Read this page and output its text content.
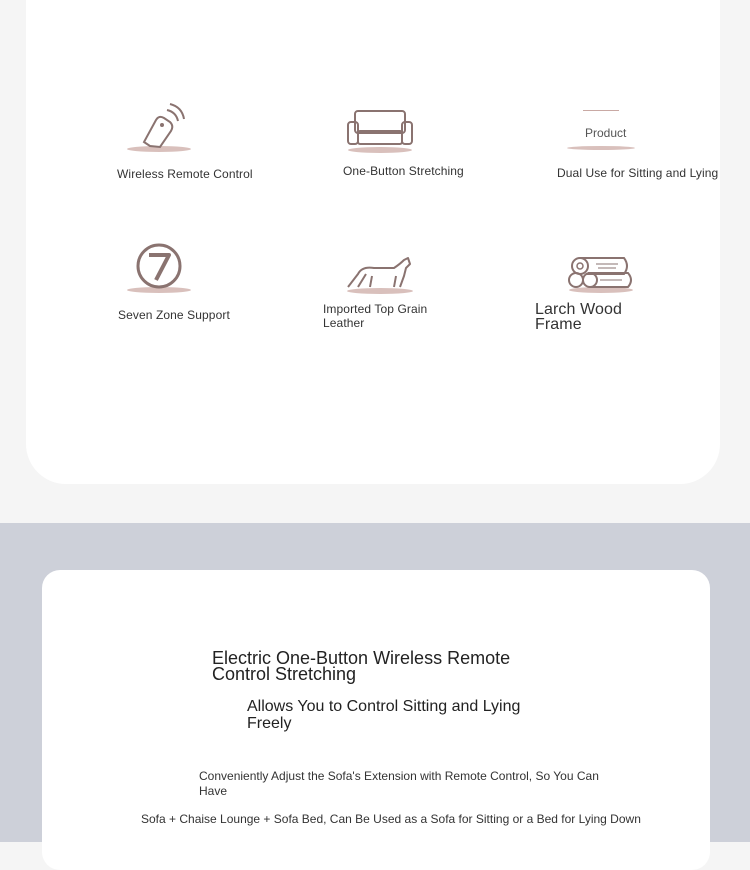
Wireless Remote Control	One-Button Stretching
Product
Dual Use for Sitting and Lying
Seven Zone Support	Imported Top Grain Leather
Larch Wood Frame
Electric One-Button Wireless Remote Control Stretching
Allows You to Control Sitting and Lying Freely
Conveniently Adjust the Sofa's Extension with Remote Control, So You Can Have
Sofa + Chaise Lounge + Sofa Bed, Can Be Used as a Sofa for Sitting or a Bed for Lying Down
